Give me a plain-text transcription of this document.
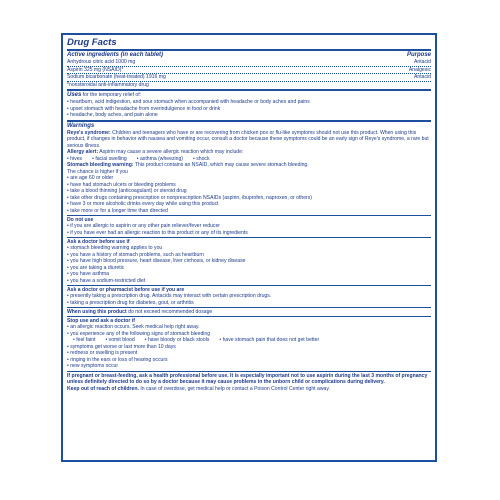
Drug Facts
Active ingredients (in each tablet)	Purpose
Anhydrous citric acid 1000 mg	Antacid
Aspirin 325 mg (NSAID)*	Analgesic
Sodium bicarbonate (heat-treated) 1916 mg	Antacid

*nonsteroidal anti-inflammatory drug

Uses for the temporary relief of:

• heartburn, acid indigestion, and sour stomach when accompanied with headache or body aches and pains

• upset stomach with headache from overindulgence in food or drink

• headache, body aches, and pain alone

Warnings

Reye's syndrome: Children and teenagers who have or are recovering from chicken pox or flu-like symptoms should not use this product. When using this product, if changes in behavior with nausea and vomiting occur, consult a doctor because these symptoms could be an early sign of Reye's syndrome, a rare but serious illness.

Allergy alert: Aspirin may cause a severe allergic reaction which may include:

• hives • facial swelling • asthma (wheezing) • shock

Stomach bleeding warning: This product contains an NSAID, which may cause severe stomach bleeding.

The chance is higher if you

• are age 60 or older

• have had stomach ulcers or bleeding problems

• take a blood thinning (anticoagulant) or steroid drug

• take other drugs containing prescription or nonprescription NSAIDs (aspirin, ibuprofen, naproxen, or others)

• have 3 or more alcoholic drinks every day while using this product

• take more or for a longer time than directed

Do not use

• if you are allergic to aspirin or any other pain reliever/fever reducer

• if you have ever had an allergic reaction to this product or any of its ingredients

Ask a doctor before use if

• stomach bleeding warning applies to you

• you have a history of stomach problems, such as heartburn

• you have high blood pressure, heart disease, liver cirrhosis, or kidney disease

• you are taking a diuretic

• you have asthma

• you have a sodium-restricted diet

Ask a doctor or pharmacist before use if you are

• presently taking a prescription drug. Antacids may interact with certain prescription drugs.

• taking a prescription drug for diabetes, gout, or arthritis

When using this product do not exceed recommended dosage

Stop use and ask a doctor if

• an allergic reaction occurs. Seek medical help right away.

• you experience any of the following signs of stomach bleeding

• feel faint • vomit blood • have bloody or black stools • have stomach pain that does not get better

• symptoms get worse or last more than 10 days

• redness or swelling is present

• ringing in the ears or loss of hearing occurs

• new symptoms occur

If pregnant or breast-feeding, ask a health professional before use. It is especially important not to use aspirin during the last 3 months of pregnancy unless definitely directed to do so by a doctor because it may cause problems in the unborn child or complications during delivery.

Keep out of reach of children. In case of overdose, get medical help or contact a Poison Control Center right away.
